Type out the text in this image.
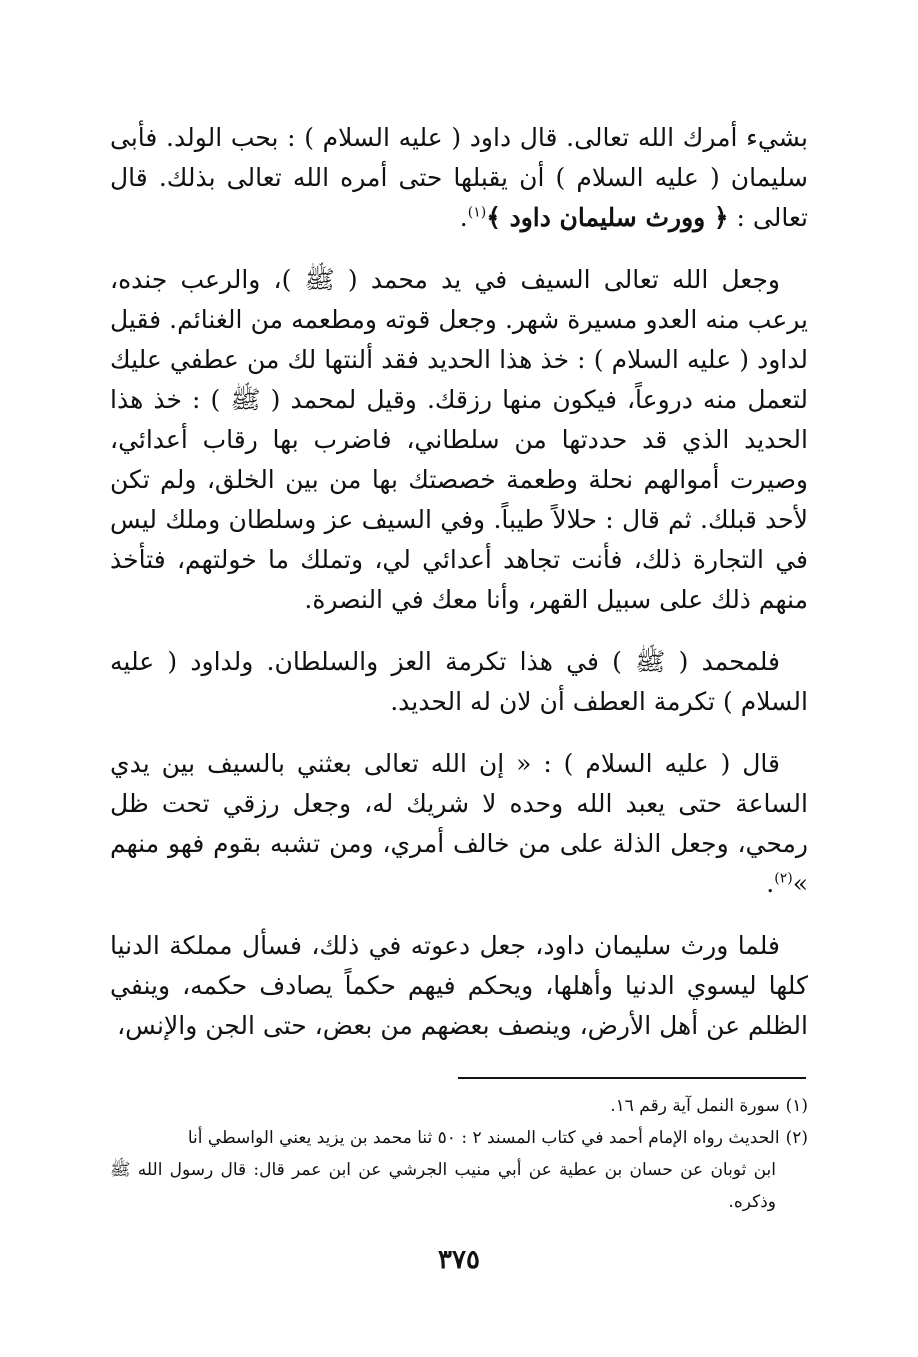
بشيء أمرك الله تعالى. قال داود ( عليه السلام ) : بحب الولد. فأبى سليمان ( عليه السلام ) أن يقبلها حتى أمره الله تعالى بذلك. قال تعالى : ﴿ وورث سليمان داود ﴾$^{(١)}$.

وجعل الله تعالى السيف في يد محمد ( ﷺ )، والرعب جنده، يرعب منه العدو مسيرة شهر. وجعل قوته ومطعمه من الغنائم. فقيل لداود ( عليه السلام ) : خذ هذا الحديد فقد ألنتها لك من عطفي عليك لتعمل منه دروعاً، فيكون منها رزقك. وقيل لمحمد ( ﷺ ) : خذ هذا الحديد الذي قد حددتها من سلطاني، فاضرب بها رقاب أعدائي، وصيرت أموالهم نحلة وطعمة خصصتك بها من بين الخلق، ولم تكن لأحد قبلك. ثم قال : حلالاً طيباً. وفي السيف عز وسلطان وملك ليس في التجارة ذلك، فأنت تجاهد أعدائي لي، وتملك ما خولتهم، فتأخذ منهم ذلك على سبيل القهر، وأنا معك في النصرة.

فلمحمد ( ﷺ ) في هذا تكرمة العز والسلطان. ولداود ( عليه السلام ) تكرمة العطف أن لان له الحديد.

قال ( عليه السلام ) : « إن الله تعالى بعثني بالسيف بين يدي الساعة حتى يعبد الله وحده لا شريك له، وجعل رزقي تحت ظل رمحي، وجعل الذلة على من خالف أمري، ومن تشبه بقوم فهو منهم »$^{(٢)}$.

فلما ورث سليمان داود، جعل دعوته في ذلك، فسأل مملكة الدنيا كلها ليسوي الدنيا وأهلها، ويحكم فيهم حكماً يصادف حكمه، وينفي الظلم عن أهل الأرض، وينصف بعضهم من بعض، حتى الجن والإنس،

(١)سورة النمل آية رقم ١٦.

(٢)الحديث رواه الإمام أحمد في كتاب المسند ٢ : ٥٠ ثنا محمد بن يزيد يعني الواسطي أنا
ابن ثوبان عن حسان بن عطية عن أبي منيب الجرشي عن ابن عمر قال: قال رسول الله ﷺ وذكره.

٣٧٥
